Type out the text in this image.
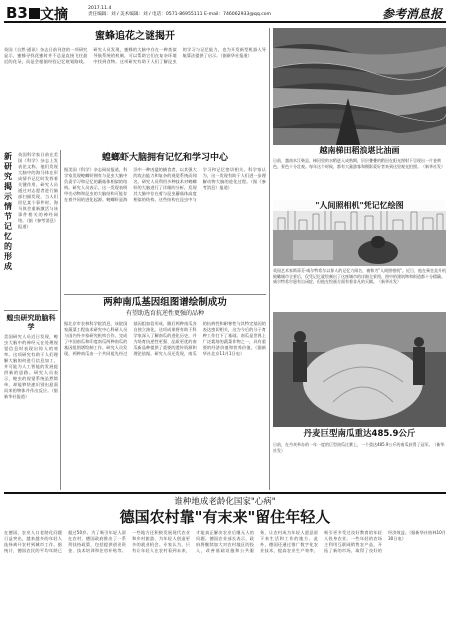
B3 文摘	2017.11.4
责任编辑：刘 / 美术编辑：刘 / 电话：0571-86955111 E-mail：746062933@qq.com	参考消息报
蜜蜂追花之谜揭开
英国《自然·通讯》杂志日前刊登的一项研究显示，蜜蜂寻找花蜜时并不总是直接飞往最近的花朵，而是会根据经验记忆规划路线。研究人员发现，蜜蜂的大脑中存在一种类似导航系统的机制，可以帮助它们在复杂环境中找到食物。这项研究有助于人们了解昆虫的学习与记忆能力，也为开发新型机器人导航算法提供了启示。（据新华社报道）
新研究揭示情节记忆的形成
英国科学家日前在美国《科学》杂志上发表论文称，他们发现大脑中的海马体在形成情节记忆时发挥着关键作用。研究人员通过对志愿者进行脑部扫描发现，当人们回忆某个事件时，海马体会重新激活与该事件相关的神经网络。（据《参考消息》报道）
蝗虫研究助脑科学
美国研究人员近日发现，蝗虫大脑中的神经元在处理视觉信息时表现出惊人的效率。这项研究有助于人们理解大脑如何进行信息加工，并可能为人工智能的发展提供新的思路。研究人员表示，蝗虫的视觉系统虽然简单，却能够快速识别出迎面而来的物体并作出反应。（据新华社报道）
蝗螂虾大脑拥有记忆和学习中心
据美国《科学》杂志网站报道，科学家发现蝗螂虾拥有与昆虫大脑中负责学习和记忆的蘑菇体相似的结构。研究人员表示，这一发现表明甲壳动物和昆虫的大脑结构可能存在着共同的进化起源。蝗螂虾是海洋中一种凶猛的捕食者，以其强大的攻击能力和复杂的视觉系统而闻名。研究人员利用多种技术对蝗螂虾的大脑进行了详细的分析，发现其大脑中存在着与昆虫蘑菇体高度相似的结构。这些结构在昆虫中与学习和记忆密切相关。科学家认为，这一发现有助于人们进一步理解动物大脑的进化过程。（据《参考消息》报道）
两种南瓜基因组图谱绘制成功
有望助选育抗逆性更强的品种
据北京市农林科学院消息，该院国家蔬菜工程技术研究中心科研人员与国内外多家研究机构合作，完成了中国南瓜和印度南瓜两种南瓜的基因组图谱绘制工作。研究人员发现，两种南瓜由一个共同祖先经过基因组加倍形成，随后两种南瓜各自独立演化。这项成果将有助于科学家深入了解南瓜的进化历史，并为培育抗逆性更强、品质更优的南瓜新品种提供了重要的遗传资源和理论依据。研究人员还发现，南瓜的抗病性和耐寒性与其特定基因的表达密切相关，这为今后的分子育种工作打下了基础。南瓜是世界上广泛栽培的蔬菜作物之一，具有重要的经济价值和营养价值。（据新华社北京11月1日电）
越南梯田稻浪堪比油画
日前，越南木江柴县，梯田里的水稻进入成熟期，层层叠叠的稻田在阳光照射下呈现出一片金黄色，景色十分壮观。每年这个时候，都有大量游客和摄影爱好者来到这里观光拍照。（新华社发）
"人间照相机"凭记忆绘图
英国艺术家斯蒂芬·威尔特希尔以惊人的记忆力闻名，被称为"人间照相机"。近日，他在乘坐直升机俯瞰城市全景后，仅凭记忆就绘制出了这座城市的详细全景图，图中的建筑物和街道都十分精确。威尔特希尔患有自闭症，但他在绘画方面有着非凡的天赋。（新华社发）
丹麦巨型南瓜重达485.9公斤
日前，在丹麦举办的一年一度的巨型南瓜比赛上，一个重达485.9公斤的南瓜获得了冠军。（新华社发）
谁种地成老龄化国家"心病"
德国农村靠"有末来"留住年轻人
在德国，农业人口老龄化问题日益突出，越来越多的年轻人选择离开农村到城市工作。据统计，德国农民的平均年龄已超过50岁。为了吸引年轻人留在农村，德国政府推出了一系列扶持政策，包括提供创业资金、技术培训和住房补贴等。一些地方还积极发展现代农业和乡村旅游，为年轻人创造更多的就业机会。专家认为，只有让年轻人在农村看到未来，才能真正解决农业后继无人的问题。德国农业部长表示，政府将继续加大对农村地区的投入，改善基础设施和公共服务，让农村成为年轻人愿意留下来生活和工作的地方。此外，德国还通过推广数字化农业技术，提高农业生产效率，吸引更多受过良好教育的年轻人投身农业。一些年轻的农场主利用互联网销售农产品，开拓了新的市场，取得了良好的经济效益。（据新华社柏林10月30日电）
